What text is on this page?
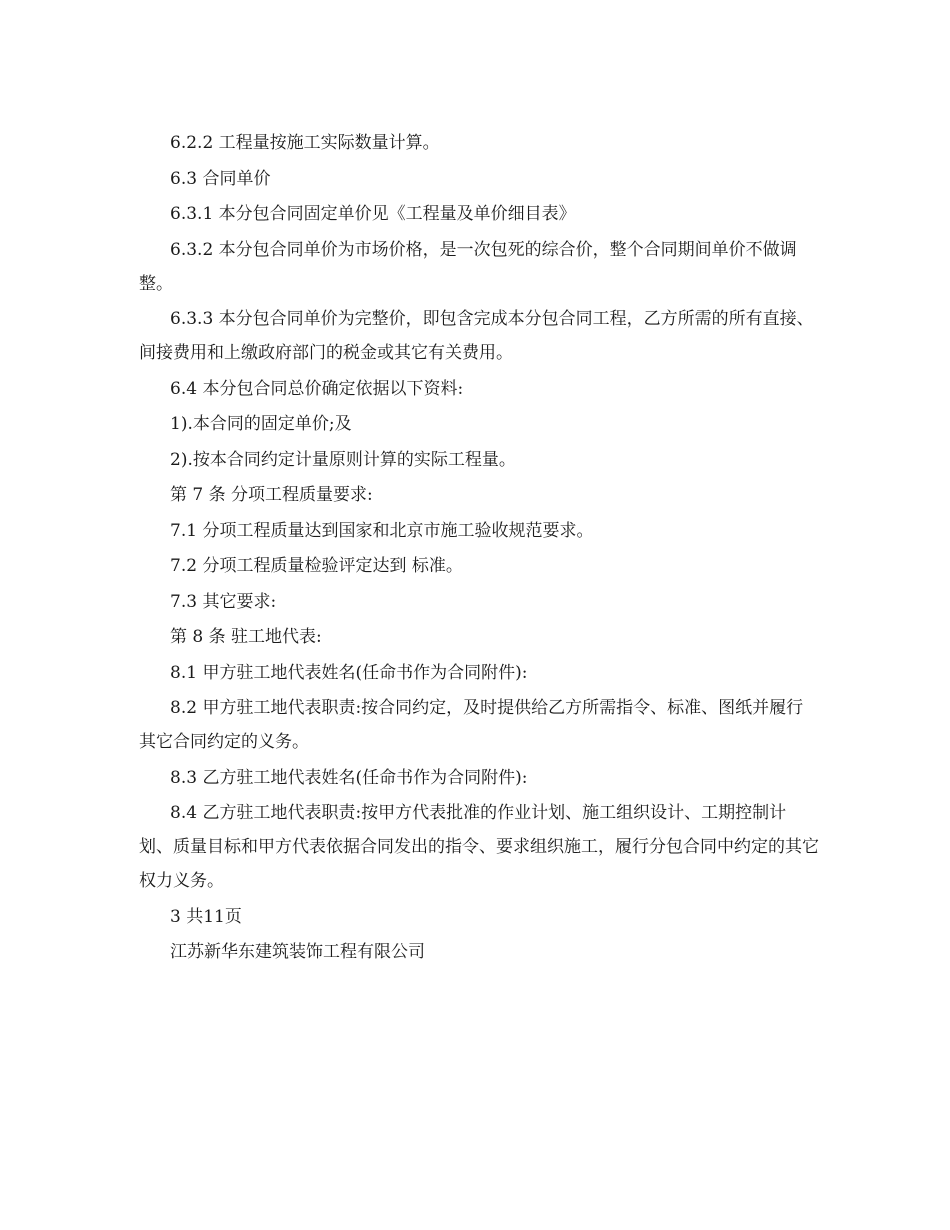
6.2.2 工程量按施工实际数量计算。

6.3 合同单价

6.3.1 本分包合同固定单价见《工程量及单价细目表》

6.3.2 本分包合同单价为市场价格，是一次包死的综合价，整个合同期间单价不做调整。

6.3.3 本分包合同单价为完整价，即包含完成本分包合同工程，乙方所需的所有直接、间接费用和上缴政府部门的税金或其它有关费用。

6.4 本分包合同总价确定依据以下资料:

1).本合同的固定单价;及

2).按本合同约定计量原则计算的实际工程量。

第 7 条 分项工程质量要求:

7.1 分项工程质量达到国家和北京市施工验收规范要求。

7.2 分项工程质量检验评定达到 标准。

7.3 其它要求:

第 8 条 驻工地代表:

8.1 甲方驻工地代表姓名(任命书作为合同附件):

8.2 甲方驻工地代表职责:按合同约定，及时提供给乙方所需指令、标准、图纸并履行其它合同约定的义务。

8.3 乙方驻工地代表姓名(任命书作为合同附件):

8.4 乙方驻工地代表职责:按甲方代表批准的作业计划、施工组织设计、工期控制计划、质量目标和甲方代表依据合同发出的指令、要求组织施工，履行分包合同中约定的其它权力义务。

3 共11页

江苏新华东建筑装饰工程有限公司
